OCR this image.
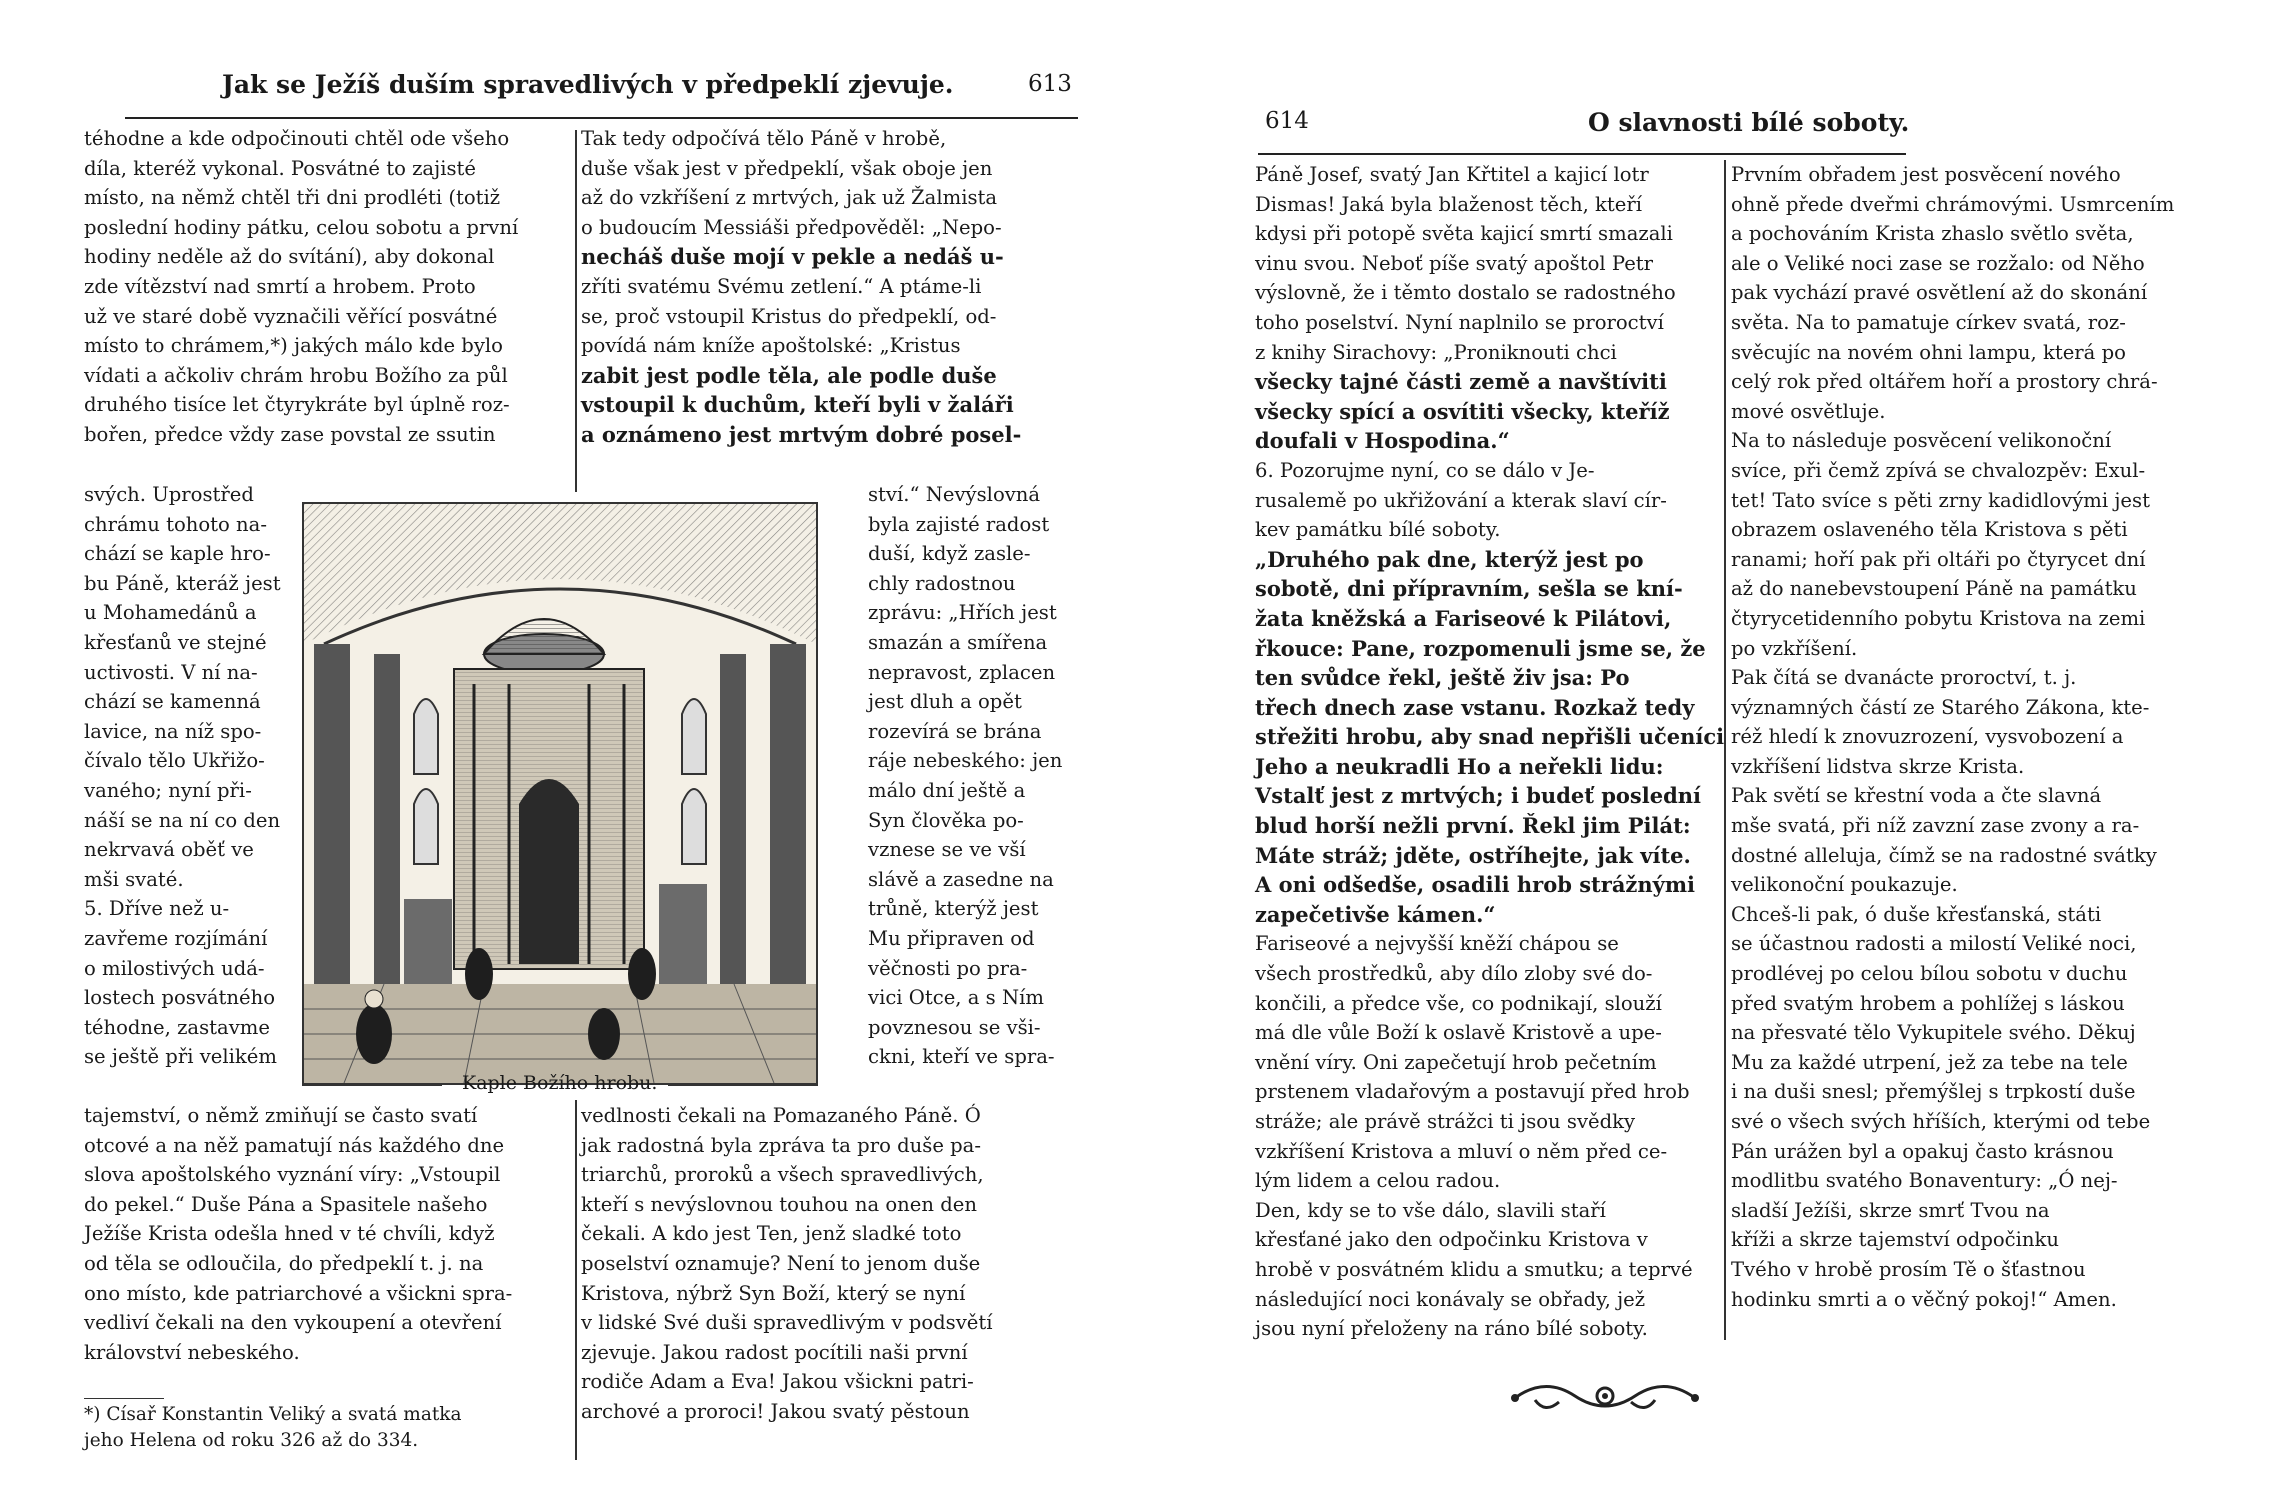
Jak se Ježíš duším spravedlivých v předpeklí zjevuje.	613
614	O slavnosti bílé soboty.

téhodne a kde odpočinouti chtěl ode všeho

díla, kteréž vykonal. Posvátné to zajisté

místo, na němž chtěl tři dni prodléti (totiž

poslední hodiny pátku, celou sobotu a první

hodiny neděle až do svítání), aby dokonal

zde vítězství nad smrtí a hrobem. Proto

už ve staré době vyznačili věřící posvátné

místo to chrámem,*) jakých málo kde bylo

vídati a ačkoliv chrám hrobu Božího za půl

druhého tisíce let čtyrykráte byl úplně roz-

bořen, předce vždy zase povstal ze ssutin

svých. Uprostřed

chrámu tohoto na-

chází se kaple hro-

bu Páně, kteráž jest

u Mohamedánů a

křesťanů ve stejné

uctivosti. V ní na-

chází se kamenná

lavice, na níž spo-

čívalo tělo Ukřižo-

vaného; nyní při-

náší se na ní co den

nekrvavá oběť ve

mši svaté.

5. Dříve než u-

zavřeme rozjímání

o milostivých udá-

lostech posvátného

téhodne, zastavme

se ještě při velikém

tajemství, o němž zmiňují se často svatí

otcové a na něž pamatují nás každého dne

slova apoštolského vyznání víry: „Vstoupil

do pekel.“ Duše Pána a Spasitele našeho

Ježíše Krista odešla hned v té chvíli, když

od těla se odloučila, do předpeklí t. j. na

ono místo, kde patriarchové a všickni spra-

vedliví čekali na den vykoupení a otevření

království nebeského.

*) Císař Konstantin Veliký a svatá matka

jeho Helena od roku 326 až do 334.

Tak tedy odpočívá tělo Páně v hrobě,

duše však jest v předpeklí, však oboje jen

až do vzkříšení z mrtvých, jak už Žalmista

o budoucím Messiáši předpověděl: „Nepo-

necháš duše mojí v pekle a nedáš u-

zříti svatému Svému zetlení.“ A ptáme-li

se, proč vstoupil Kristus do předpeklí, od-

povídá nám kníže apoštolské: „Kristus

zabit jest podle těla, ale podle duše

vstoupil k duchům, kteří byli v žaláři

a oznámeno jest mrtvým dobré posel-

ství.“ Nevýslovná

byla zajisté radost

duší, když zasle-

chly radostnou

zprávu: „Hřích jest

smazán a smířena

nepravost, zplacen

jest dluh a opět

rozevírá se brána

ráje nebeského: jen

málo dní ještě a

Syn člověka po-

vznese se ve vší

slávě a zasedne na

trůně, kterýž jest

Mu připraven od

věčnosti po pra-

vici Otce, a s Ním

povznesou se vši-

ckni, kteří ve spra-

vedlnosti čekali na Pomazaného Páně. Ó

jak radostná byla zpráva ta pro duše pa-

triarchů, proroků a všech spravedlivých,

kteří s nevýslovnou touhou na onen den

čekali. A kdo jest Ten, jenž sladké toto

poselství oznamuje? Není to jenom duše

Kristova, nýbrž Syn Boží, který se nyní

v lidské Své duši spravedlivým v podsvětí

zjevuje. Jakou radost pocítili naši první

rodiče Adam a Eva! Jakou všickni patri-

archové a proroci! Jakou svatý pěstoun

Kaple Božího hrobu.

Páně Josef, svatý Jan Křtitel a kajicí lotr

Dismas! Jaká byla blaženost těch, kteří

kdysi při potopě světa kajicí smrtí smazali

vinu svou. Neboť píše svatý apoštol Petr

výslovně, že i těmto dostalo se radostného

toho poselství. Nyní naplnilo se proroctví

z knihy Sirachovy: „Proniknouti chci

všecky tajné části země a navštíviti

všecky spící a osvítiti všecky, kteříž

doufali v Hospodina.“

6. Pozorujme nyní, co se dálo v Je-

rusalemě po ukřižování a kterak slaví cír-

kev památku bílé soboty.

„Druhého pak dne, kterýž jest po

sobotě, dni přípravním, sešla se kní-

žata kněžská a Fariseové k Pilátovi,

řkouce: Pane, rozpomenuli jsme se, že

ten svůdce řekl, ještě živ jsa: Po

třech dnech zase vstanu. Rozkaž tedy

střežiti hrobu, aby snad nepřišli učeníci

Jeho a neukradli Ho a neřekli lidu:

Vstalť jest z mrtvých; i budeť poslední

blud horší nežli první. Řekl jim Pilát:

Máte stráž; jděte, ostříhejte, jak víte.

A oni odšedše, osadili hrob strážnými

zapečetivše kámen.“

Fariseové a nejvyšší kněží chápou se

všech prostředků, aby dílo zloby své do-

končili, a předce vše, co podnikají, slouží

má dle vůle Boží k oslavě Kristově a upe-

vnění víry. Oni zapečetují hrob pečetním

prstenem vladařovým a postavují před hrob

stráže; ale právě strážci ti jsou svědky

vzkříšení Kristova a mluví o něm před ce-

lým lidem a celou radou.

Den, kdy se to vše dálo, slavili staří

křesťané jako den odpočinku Kristova v

hrobě v posvátném klidu a smutku; a teprvé

následující noci konávaly se obřady, jež

jsou nyní přeloženy na ráno bílé soboty.

Prvním obřadem jest posvěcení nového

ohně přede dveřmi chrámovými. Usmrcením

a pochováním Krista zhaslo světlo světa,

ale o Veliké noci zase se rozžalo: od Něho

pak vychází pravé osvětlení až do skonání

světa. Na to pamatuje církev svatá, roz-

svěcujíc na novém ohni lampu, která po

celý rok před oltářem hoří a prostory chrá-

mové osvětluje.

Na to následuje posvěcení velikonoční

svíce, při čemž zpívá se chvalozpěv: Exul-

tet! Tato svíce s pěti zrny kadidlovými jest

obrazem oslaveného těla Kristova s pěti

ranami; hoří pak při oltáři po čtyrycet dní

až do nanebevstoupení Páně na památku

čtyrycetidenního pobytu Kristova na zemi

po vzkříšení.

Pak čítá se dvanácte proroctví, t. j.

významných částí ze Starého Zákona, kte-

réž hledí k znovuzrození, vysvobození a

vzkříšení lidstva skrze Krista.

Pak světí se křestní voda a čte slavná

mše svatá, při níž zavzní zase zvony a ra-

dostné alleluja, čímž se na radostné svátky

velikonoční poukazuje.

Chceš-li pak, ó duše křesťanská, státi

se účastnou radosti a milostí Veliké noci,

prodlévej po celou bílou sobotu v duchu

před svatým hrobem a pohlížej s láskou

na přesvaté tělo Vykupitele svého. Děkuj

Mu za každé utrpení, jež za tebe na tele

i na duši snesl; přemýšlej s trpkostí duše

své o všech svých hříších, kterými od tebe

Pán urážen byl a opakuj často krásnou

modlitbu svatého Bonaventury: „Ó nej-

sladší Ježíši, skrze smrť Tvou na

kříži a skrze tajemství odpočinku

Tvého v hrobě prosím Tě o šťastnou

hodinku smrti a o věčný pokoj!“ Amen.
